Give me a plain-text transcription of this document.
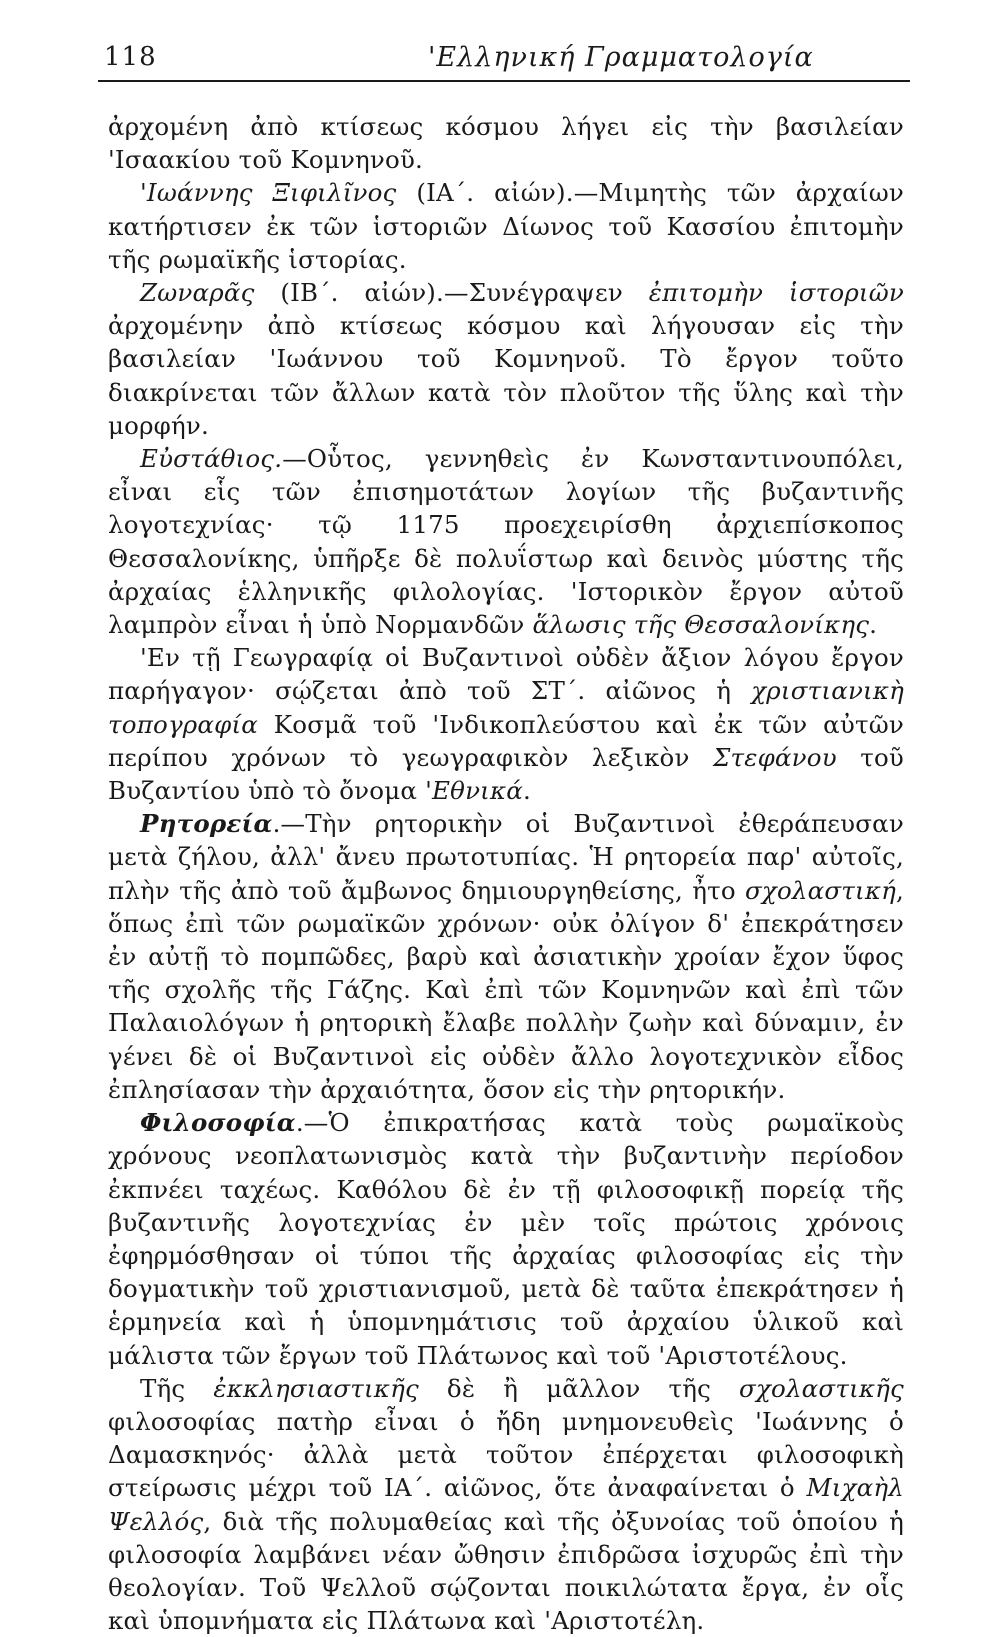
118	'Ελληνική Γραμματολογία

ἀρχομένη ἀπὸ κτίσεως κόσμου λήγει εἰς τὴν βασιλείαν 'Ισαακίου τοῦ Κομνηνοῦ.

'Ιωάννης Ξιφιλῖνος (ΙΑ΄. αἰών).—Μιμητὴς τῶν ἀρχαίων κατήρτισεν ἐκ τῶν ἱστοριῶν Δίωνος τοῦ Κασσίου ἐπιτομὴν τῆς ρωμαϊκῆς ἱστορίας.

Ζωναρᾶς (ΙΒ΄. αἰών).—Συνέγραψεν ἐπιτομὴν ἱστοριῶν ἀρχομένην ἀπὸ κτίσεως κόσμου καὶ λήγουσαν εἰς τὴν βασιλείαν 'Ιωάννου τοῦ Κομνηνοῦ. Τὸ ἔργον τοῦτο διακρίνεται τῶν ἄλλων κατὰ τὸν πλοῦτον τῆς ὕλης καὶ τὴν μορφήν.

Εὐστάθιος.—Οὗτος, γεννηθεὶς ἐν Κωνσταντινουπόλει, εἶναι εἷς τῶν ἐπισημοτάτων λογίων τῆς βυζαντινῆς λογοτεχνίας· τῷ 1175 προεχειρίσθη ἀρχιεπίσκοπος Θεσσαλονίκης, ὑπῆρξε δὲ πολυΐστωρ καὶ δεινὸς μύστης τῆς ἀρχαίας ἑλληνικῆς φιλολογίας. 'Ιστορικὸν ἔργον αὐτοῦ λαμπρὸν εἶναι ἡ ὑπὸ Νορμανδῶν ἅλωσις τῆς Θεσσαλονίκης.

'Εν τῇ Γεωγραφίᾳ οἱ Βυζαντινοὶ οὐδὲν ἄξιον λόγου ἔργον παρήγαγον· σῴζεται ἀπὸ τοῦ ΣΤ΄. αἰῶνος ἡ χριστιανικὴ τοπογραφία Κοσμᾶ τοῦ 'Ινδικοπλεύστου καὶ ἐκ τῶν αὐτῶν περίπου χρόνων τὸ γεωγραφικὸν λεξικὸν Στεφάνου τοῦ Βυζαντίου ὑπὸ τὸ ὄνομα 'Εθνικά.

Ρητορεία.—Τὴν ρητορικὴν οἱ Βυζαντινοὶ ἐθεράπευσαν μετὰ ζήλου, ἀλλ' ἄνευ πρωτοτυπίας. Ἡ ρητορεία παρ' αὐτοῖς, πλὴν τῆς ἀπὸ τοῦ ἄμβωνος δημιουργηθείσης, ἦτο σχολαστική, ὅπως ἐπὶ τῶν ρωμαϊκῶν χρόνων· οὐκ ὀλίγον δ' ἐπεκράτησεν ἐν αὐτῇ τὸ πομπῶδες, βαρὺ καὶ ἀσιατικὴν χροίαν ἔχον ὕφος τῆς σχολῆς τῆς Γάζης. Καὶ ἐπὶ τῶν Κομνηνῶν καὶ ἐπὶ τῶν Παλαιολόγων ἡ ρητορικὴ ἔλαβε πολλὴν ζωὴν καὶ δύναμιν, ἐν γένει δὲ οἱ Βυζαντινοὶ εἰς οὐδὲν ἄλλο λογοτεχνικὸν εἶδος ἐπλησίασαν τὴν ἀρχαιότητα, ὅσον εἰς τὴν ρητορικήν.

Φιλοσοφία.—Ὁ ἐπικρατήσας κατὰ τοὺς ρωμαϊκοὺς χρόνους νεοπλατωνισμὸς κατὰ τὴν βυζαντινὴν περίοδον ἐκπνέει ταχέως. Καθόλου δὲ ἐν τῇ φιλοσοφικῇ πορείᾳ τῆς βυζαντινῆς λογοτεχνίας ἐν μὲν τοῖς πρώτοις χρόνοις ἐφηρμόσθησαν οἱ τύποι τῆς ἀρχαίας φιλοσοφίας εἰς τὴν δογματικὴν τοῦ χριστιανισμοῦ, μετὰ δὲ ταῦτα ἐπεκράτησεν ἡ ἑρμηνεία καὶ ἡ ὑπομνημάτισις τοῦ ἀρχαίου ὑλικοῦ καὶ μάλιστα τῶν ἔργων τοῦ Πλάτωνος καὶ τοῦ 'Αριστοτέλους.

Τῆς ἐκκλησιαστικῆς δὲ ἢ μᾶλλον τῆς σχολαστικῆς φιλοσοφίας πατὴρ εἶναι ὁ ἤδη μνημονευθεὶς 'Ιωάννης ὁ Δαμασκηνός· ἀλλὰ μετὰ τοῦτον ἐπέρχεται φιλοσοφικὴ στείρωσις μέχρι τοῦ ΙΑ΄. αἰῶνος, ὅτε ἀναφαίνεται ὁ Μιχαὴλ Ψελλός, διὰ τῆς πολυμαθείας καὶ τῆς ὀξυνοίας τοῦ ὁποίου ἡ φιλοσοφία λαμβάνει νέαν ὤθησιν ἐπιδρῶσα ἰσχυρῶς ἐπὶ τὴν θεολογίαν. Τοῦ Ψελλοῦ σῴζονται ποικιλώτατα ἔργα, ἐν οἷς καὶ ὑπομνήματα εἰς Πλάτωνα καὶ 'Αριστοτέλη.
